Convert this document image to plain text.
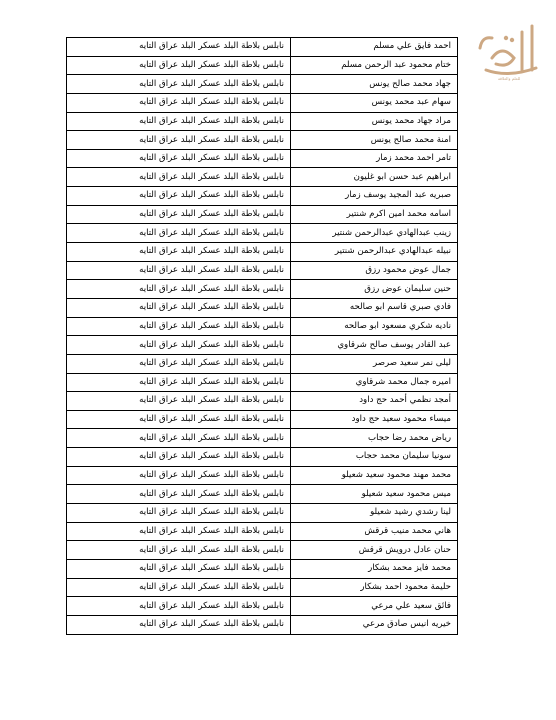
للعلم والعلاقة
احمد فايق علي مسلم	نابلس بلاطة البلد عسكر البلد عراق التايه
ختام محمود عبد الرحمن مسلم	نابلس بلاطة البلد عسكر البلد عراق التايه
جهاد محمد صالح يونس	نابلس بلاطة البلد عسكر البلد عراق التايه
سهام عبد محمد يونس	نابلس بلاطة البلد عسكر البلد عراق التايه
مراد جهاد محمد يونس	نابلس بلاطة البلد عسكر البلد عراق التايه
امنة محمد صالح يونس	نابلس بلاطة البلد عسكر البلد عراق التايه
تامر احمد محمد زمار	نابلس بلاطة البلد عسكر البلد عراق التايه
ابراهيم عبد حسن ابو غليون	نابلس بلاطة البلد عسكر البلد عراق التايه
صبريه عبد المجيد يوسف زمار	نابلس بلاطة البلد عسكر البلد عراق التايه
اسامه محمد امين اكرم شنتير	نابلس بلاطة البلد عسكر البلد عراق التايه
زينب عبدالهادي عبدالرحمن شنتير	نابلس بلاطة البلد عسكر البلد عراق التايه
نبيله عبدالهادي عبدالرحمن شنتير	نابلس بلاطة البلد عسكر البلد عراق التايه
جمال عوض محمود رزق	نابلس بلاطة البلد عسكر البلد عراق التايه
حنين سليمان عوض رزق	نابلس بلاطة البلد عسكر البلد عراق التايه
فادي صبري قاسم ابو صالحه	نابلس بلاطة البلد عسكر البلد عراق التايه
ناديه شكري مسعود ابو صالحه	نابلس بلاطة البلد عسكر البلد عراق التايه
عبد القادر يوسف صالح شرقاوي	نابلس بلاطة البلد عسكر البلد عراق التايه
ليلى نمر سعيد صرصر	نابلس بلاطة البلد عسكر البلد عراق التايه
اميره جمال محمد شرقاوي	نابلس بلاطة البلد عسكر البلد عراق التايه
أمجد نظمي أحمد حج داود	نابلس بلاطة البلد عسكر البلد عراق التايه
ميساء محمود سعيد حج داود	نابلس بلاطة البلد عسكر البلد عراق التايه
رياض محمد رضا حجاب	نابلس بلاطة البلد عسكر البلد عراق التايه
سونيا سليمان محمد حجاب	نابلس بلاطة البلد عسكر البلد عراق التايه
محمد مهند محمود سعيد شعيلو	نابلس بلاطة البلد عسكر البلد عراق التايه
ميس محمود سعيد شعيلو	نابلس بلاطة البلد عسكر البلد عراق التايه
لينا رشدي رشيد شعيلو	نابلس بلاطة البلد عسكر البلد عراق التايه
هاني محمد منيب قرقش	نابلس بلاطة البلد عسكر البلد عراق التايه
حنان عادل درويش قرقش	نابلس بلاطة البلد عسكر البلد عراق التايه
محمد فايز محمد بشكار	نابلس بلاطة البلد عسكر البلد عراق التايه
حليمة محمود احمد بشكار	نابلس بلاطة البلد عسكر البلد عراق التايه
فائق سعيد علي مرعي	نابلس بلاطة البلد عسكر البلد عراق التايه
خيريه انيس صادق مرعي	نابلس بلاطة البلد عسكر البلد عراق التايه
